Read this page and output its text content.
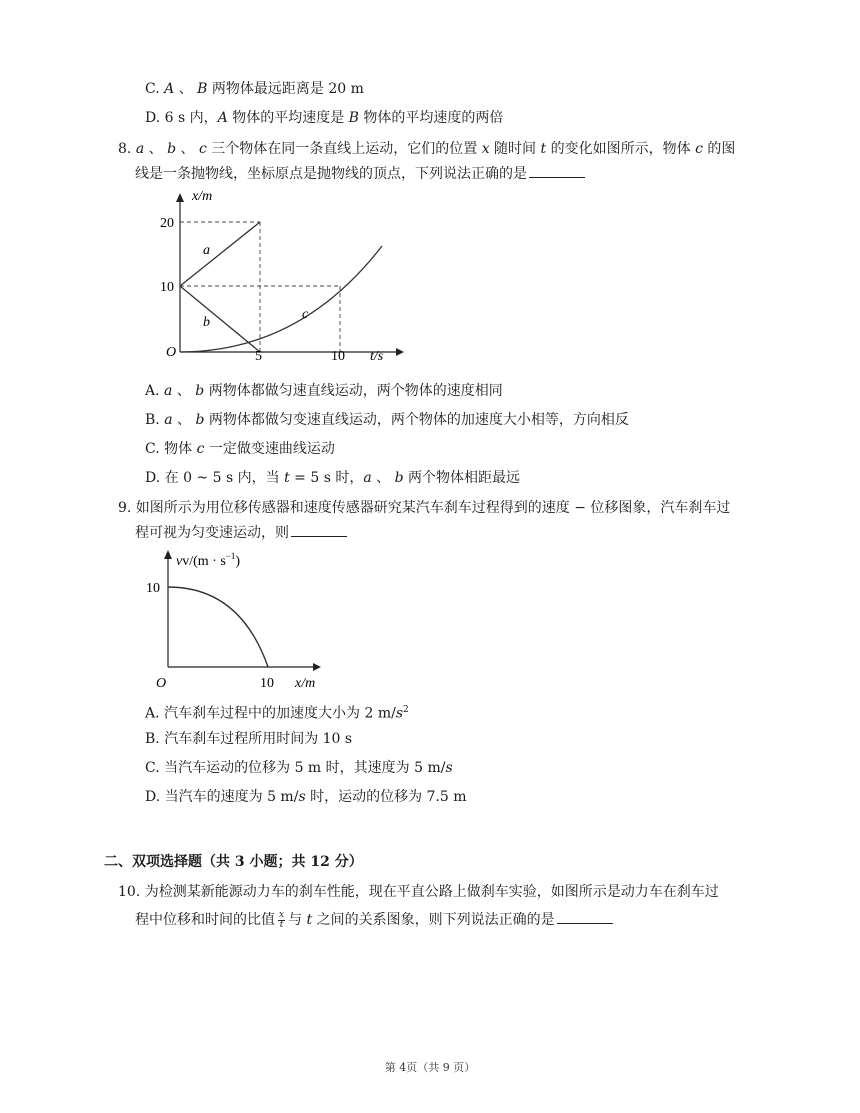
C. A 、 B 两物体最远距离是 20 m
D. 6 s 内，A 物体的平均速度是 B 物体的平均速度的两倍
8. a 、 b 、 c 三个物体在同一条直线上运动，它们的位置 x 随时间 t 的变化如图所示，物体 c 的图
线是一条抛物线，坐标原点是抛物线的顶点，下列说法正确的是
x/m
20
10
O	5	10 t/s
a
b
c
A. a 、 b 两物体都做匀速直线运动，两个物体的速度相同
B. a 、 b 两物体都做匀变速直线运动，两个物体的加速度大小相等，方向相反
C. 物体 c 一定做变速曲线运动
D. 在 0 ~ 5 s 内，当 t = 5 s 时，a 、 b 两个物体相距最远
9. 如图所示为用位移传感器和速度传感器研究某汽车刹车过程得到的速度 − 位移图象，汽车刹车过
程可视为匀变速运动，则
$vv/(m \cdot s^{-1})$
10
O	10 x/m
A. 汽车刹车过程中的加速度大小为 2 $m/s^2$
B. 汽车刹车过程所用时间为 10 s
C. 当汽车运动的位移为 5 m 时，其速度为 5 m/s
D. 当汽车的速度为 5 m/s 时，运动的位移为 7.5 m
二、双项选择题（共 3 小题；共 12 分）
10. 为检测某新能源动力车的刹车性能，现在平直公路上做刹车实验，如图所示是动力车在刹车过
程中位移和时间的比值 $\frac{x}{t}$ 与 t 之间的关系图象，则下列说法正确的是
第 4页（共 9 页）
